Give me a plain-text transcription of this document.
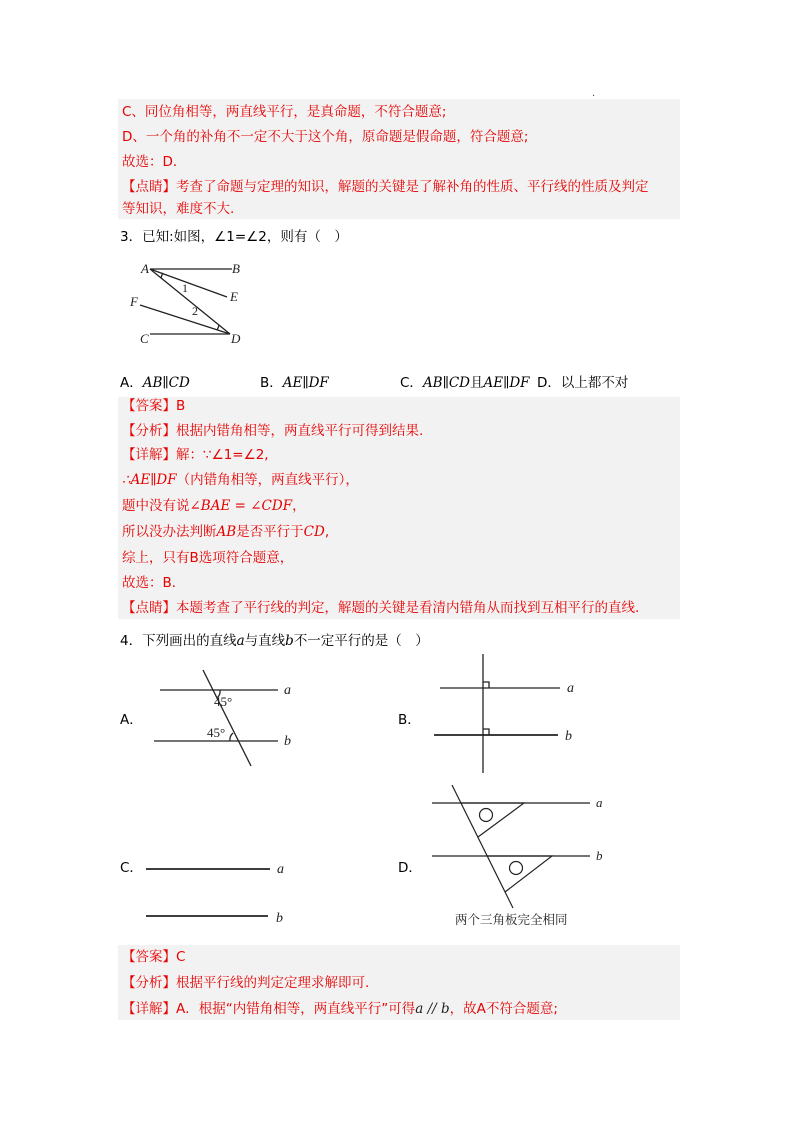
.
C、同位角相等，两直线平行，是真命题，不符合题意;
D、一个角的补角不一定不大于这个角，原命题是假命题，符合题意;
故选：D．
【点睛】考查了命题与定理的知识，解题的关键是了解补角的性质、平行线的性质及判定
等知识，难度不大.
3．已知:如图，∠1=∠2，则有（　）
A	B
E
F
C	D
1
2
A．AB∥CD	B．AE∥DF	C．AB∥CD且AE∥DF D．以上都不对
【答案】B
【分析】根据内错角相等，两直线平行可得到结果.
【详解】解：∵∠1=∠2,
∴AE∥DF（内错角相等，两直线平行），
题中没有说∠BAE = ∠CDF，
所以没办法判断AB是否平行于CD,
综上，只有B选项符合题意，
故选：B．
【点睛】本题考查了平行线的判定，解题的关键是看清内错角从而找到互相平行的直线.
4．下列画出的直线a与直线b不一定平行的是（　）
A．	B．
C．	D．
45°
45°
a
b
a
b
a
b
a
b
两个三角板完全相同
【答案】C
【分析】根据平行线的判定定理求解即可.
【详解】A．根据“内错角相等，两直线平行”可得a // b，故A不符合题意;
